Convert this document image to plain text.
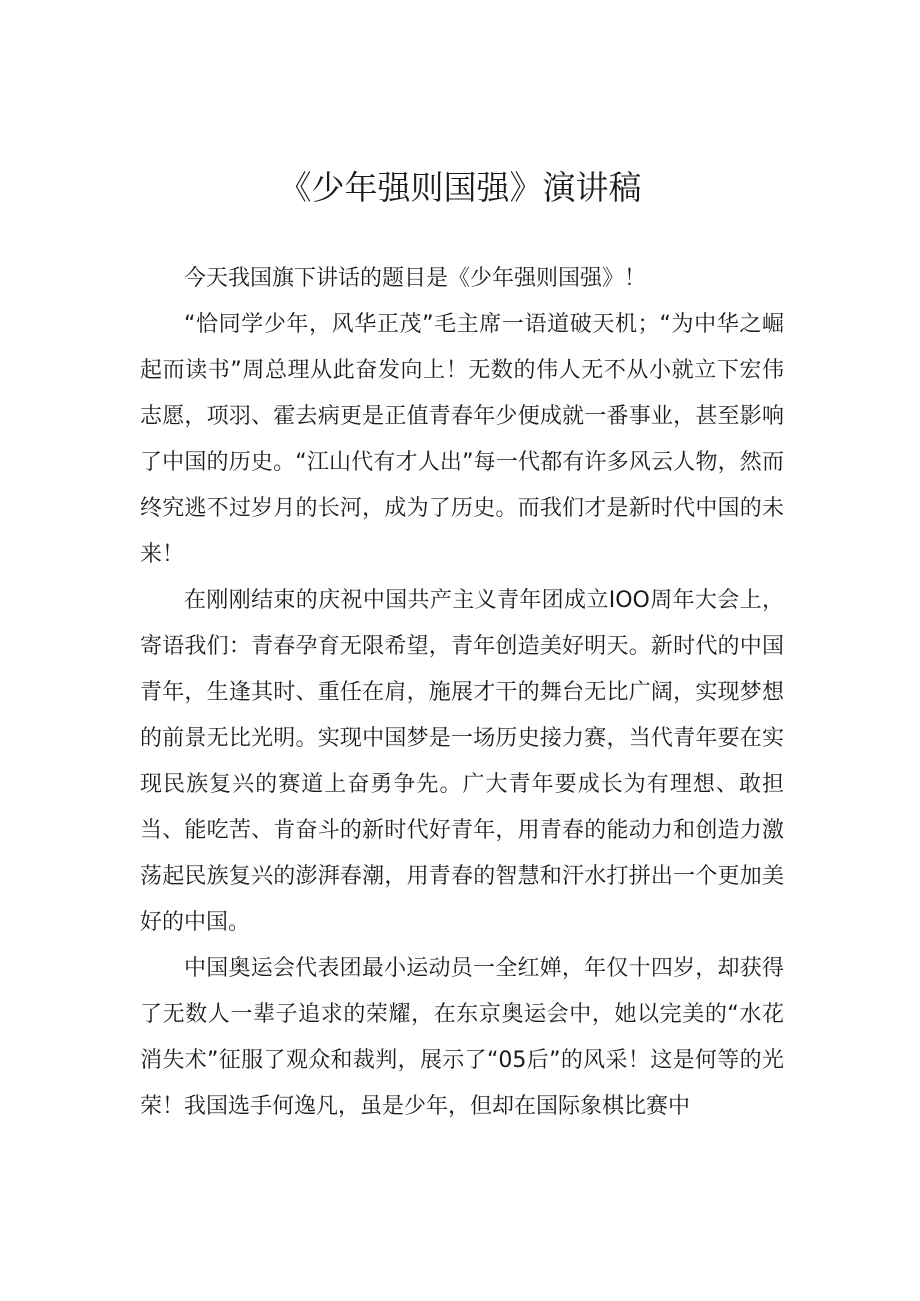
《少年强则国强》演讲稿

今天我国旗下讲话的题目是《少年强则国强》！

“恰同学少年，风华正茂”毛主席一语道破天机；“为中华之崛起而读书”周总理从此奋发向上！无数的伟人无不从小就立下宏伟志愿，项羽、霍去病更是正值青春年少便成就一番事业，甚至影响了中国的历史。“江山代有才人出”每一代都有许多风云人物，然而终究逃不过岁月的长河，成为了历史。而我们才是新时代中国的未来！

在刚刚结束的庆祝中国共产主义青年团成立IOO周年大会上，寄语我们：青春孕育无限希望，青年创造美好明天。新时代的中国青年，生逢其时、重任在肩，施展才干的舞台无比广阔，实现梦想的前景无比光明。实现中国梦是一场历史接力赛，当代青年要在实现民族复兴的赛道上奋勇争先。广大青年要成长为有理想、敢担当、能吃苦、肯奋斗的新时代好青年，用青春的能动力和创造力激荡起民族复兴的澎湃春潮，用青春的智慧和汗水打拼出一个更加美好的中国。

中国奥运会代表团最小运动员一全红婵，年仅十四岁，却获得了无数人一辈子追求的荣耀，在东京奥运会中，她以完美的“水花消失术”征服了观众和裁判，展示了“05后”的风采！这是何等的光荣！我国选手何逸凡，虽是少年，但却在国际象棋比赛中
